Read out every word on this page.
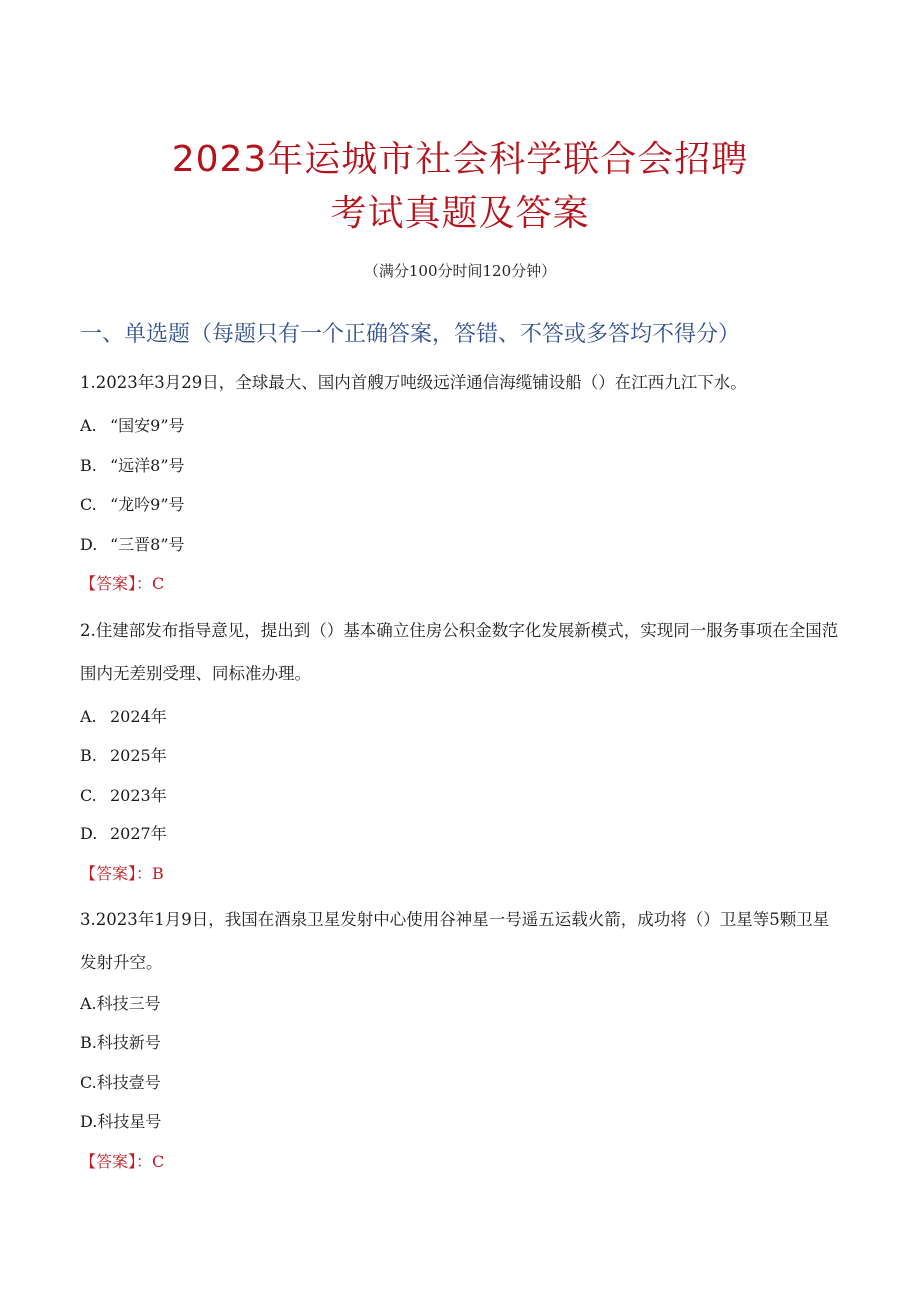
2023年运城市社会科学联合会招聘
考试真题及答案
（满分100分时间120分钟）
一、单选题（每题只有一个正确答案，答错、不答或多答均不得分）
1.2023年3月29日，全球最大、国内首艘万吨级远洋通信海缆铺设船（）在江西九江下水。
A. “国安9”号
B. “远洋8”号
C. “龙吟9”号
D. “三晋8”号
【答案】：C
2.住建部发布指导意见，提出到（）基本确立住房公积金数字化发展新模式，实现同一服务事项在全国范围内无差别受理、同标准办理。
A. 2024年
B. 2025年
C. 2023年
D. 2027年
【答案】：B
3.2023年1月9日，我国在酒泉卫星发射中心使用谷神星一号遥五运载火箭，成功将（）卫星等5颗卫星发射升空。
A.科技三号
B.科技新号
C.科技壹号
D.科技星号
【答案】：C
